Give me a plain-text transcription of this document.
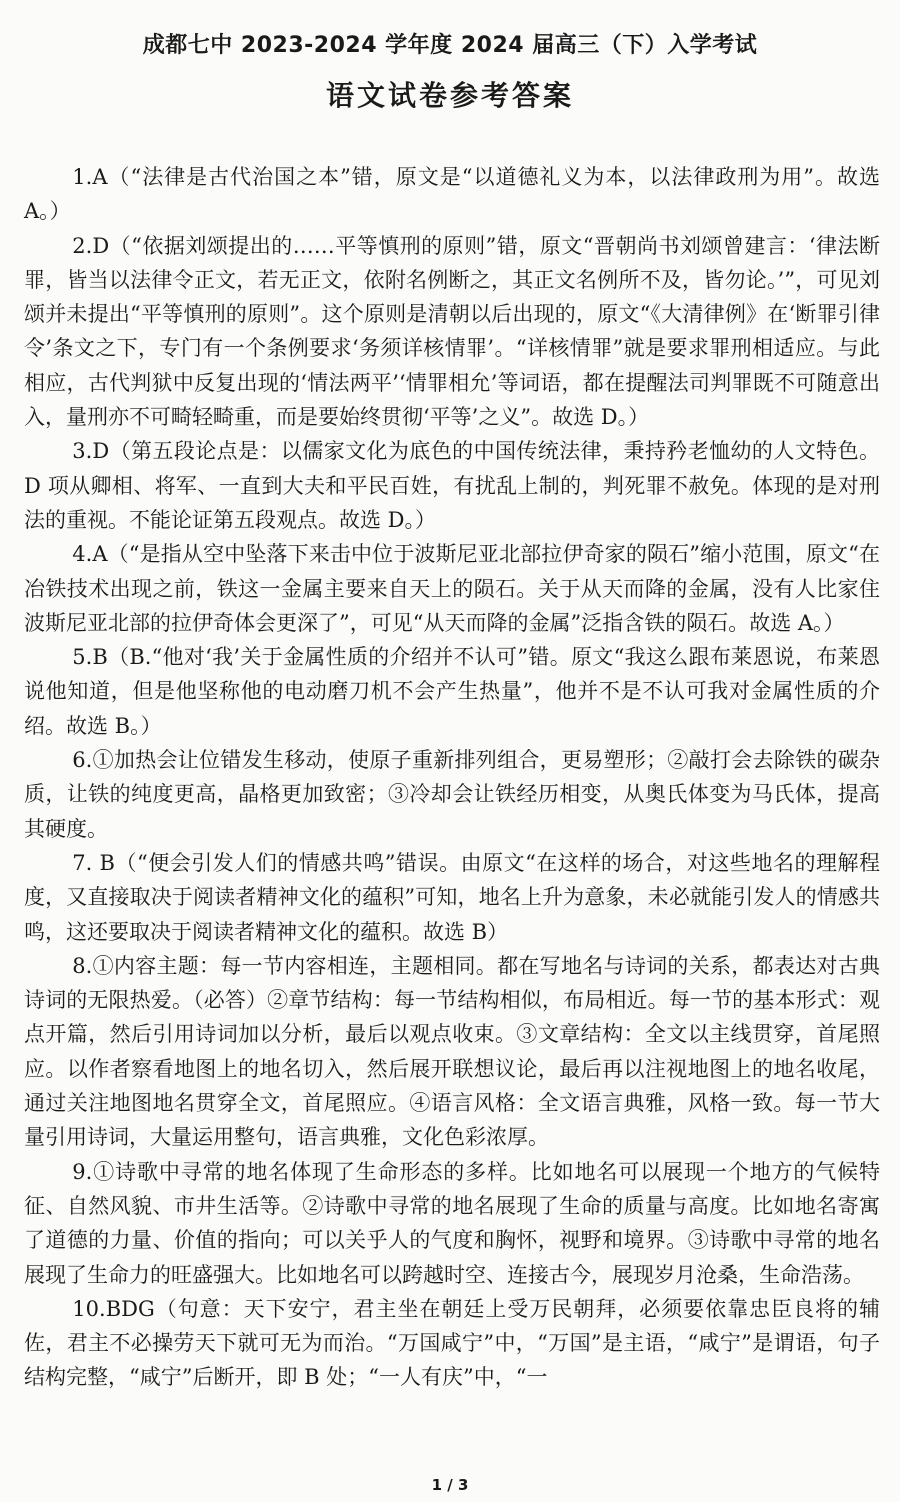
成都七中 2023-2024 学年度 2024 届高三（下）入学考试
语文试卷参考答案

1.A（“法律是古代治国之本”错，原文是“以道德礼义为本，以法律政刑为用”。故选 A。）

2.D（“依据刘颂提出的……平等慎刑的原则”错，原文“晋朝尚书刘颂曾建言：‘律法断罪，皆当以法律令正文，若无正文，依附名例断之，其正文名例所不及，皆勿论。’”，可见刘颂并未提出“平等慎刑的原则”。这个原则是清朝以后出现的，原文“《大清律例》在‘断罪引律令’条文之下，专门有一个条例要求‘务须详核情罪’。“详核情罪”就是要求罪刑相适应。与此相应，古代判狱中反复出现的‘情法两平’‘情罪相允’等词语，都在提醒法司判罪既不可随意出入，量刑亦不可畸轻畸重，而是要始终贯彻‘平等’之义”。故选 D。）

3.D（第五段论点是：以儒家文化为底色的中国传统法律，秉持矜老恤幼的人文特色。D 项从卿相、将军、一直到大夫和平民百姓，有扰乱上制的，判死罪不赦免。体现的是对刑法的重视。不能论证第五段观点。故选 D。）

4.A（“是指从空中坠落下来击中位于波斯尼亚北部拉伊奇家的陨石”缩小范围，原文“在冶铁技术出现之前，铁这一金属主要来自天上的陨石。关于从天而降的金属，没有人比家住波斯尼亚北部的拉伊奇体会更深了”，可见“从天而降的金属”泛指含铁的陨石。故选 A。）

5.B（B.“他对‘我’关于金属性质的介绍并不认可”错。原文“我这么跟布莱恩说，布莱恩说他知道，但是他坚称他的电动磨刀机不会产生热量”，他并不是不认可我对金属性质的介绍。故选 B。）

6.①加热会让位错发生移动，使原子重新排列组合，更易塑形；②敲打会去除铁的碳杂质，让铁的纯度更高，晶格更加致密；③冷却会让铁经历相变，从奥氏体变为马氏体，提高其硬度。

7. B（“便会引发人们的情感共鸣”错误。由原文“在这样的场合，对这些地名的理解程度，又直接取决于阅读者精神文化的蕴积”可知，地名上升为意象，未必就能引发人的情感共鸣，这还要取决于阅读者精神文化的蕴积。故选 B）

8.①内容主题：每一节内容相连，主题相同。都在写地名与诗词的关系，都表达对古典诗词的无限热爱。（必答）②章节结构：每一节结构相似，布局相近。每一节的基本形式：观点开篇，然后引用诗词加以分析，最后以观点收束。③文章结构：全文以主线贯穿，首尾照应。以作者察看地图上的地名切入，然后展开联想议论，最后再以注视地图上的地名收尾，通过关注地图地名贯穿全文，首尾照应。④语言风格：全文语言典雅，风格一致。每一节大量引用诗词，大量运用整句，语言典雅，文化色彩浓厚。

9.①诗歌中寻常的地名体现了生命形态的多样。比如地名可以展现一个地方的气候特征、自然风貌、市井生活等。②诗歌中寻常的地名展现了生命的质量与高度。比如地名寄寓了道德的力量、价值的指向；可以关乎人的气度和胸怀，视野和境界。③诗歌中寻常的地名展现了生命力的旺盛强大。比如地名可以跨越时空、连接古今，展现岁月沧桑，生命浩荡。

10.BDG（句意：天下安宁，君主坐在朝廷上受万民朝拜，必须要依靠忠臣良将的辅佐，君主不必操劳天下就可无为而治。“万国咸宁”中，“万国”是主语，“咸宁”是谓语，句子结构完整，“咸宁”后断开，即 B 处；“一人有庆”中，“一

1 / 3
